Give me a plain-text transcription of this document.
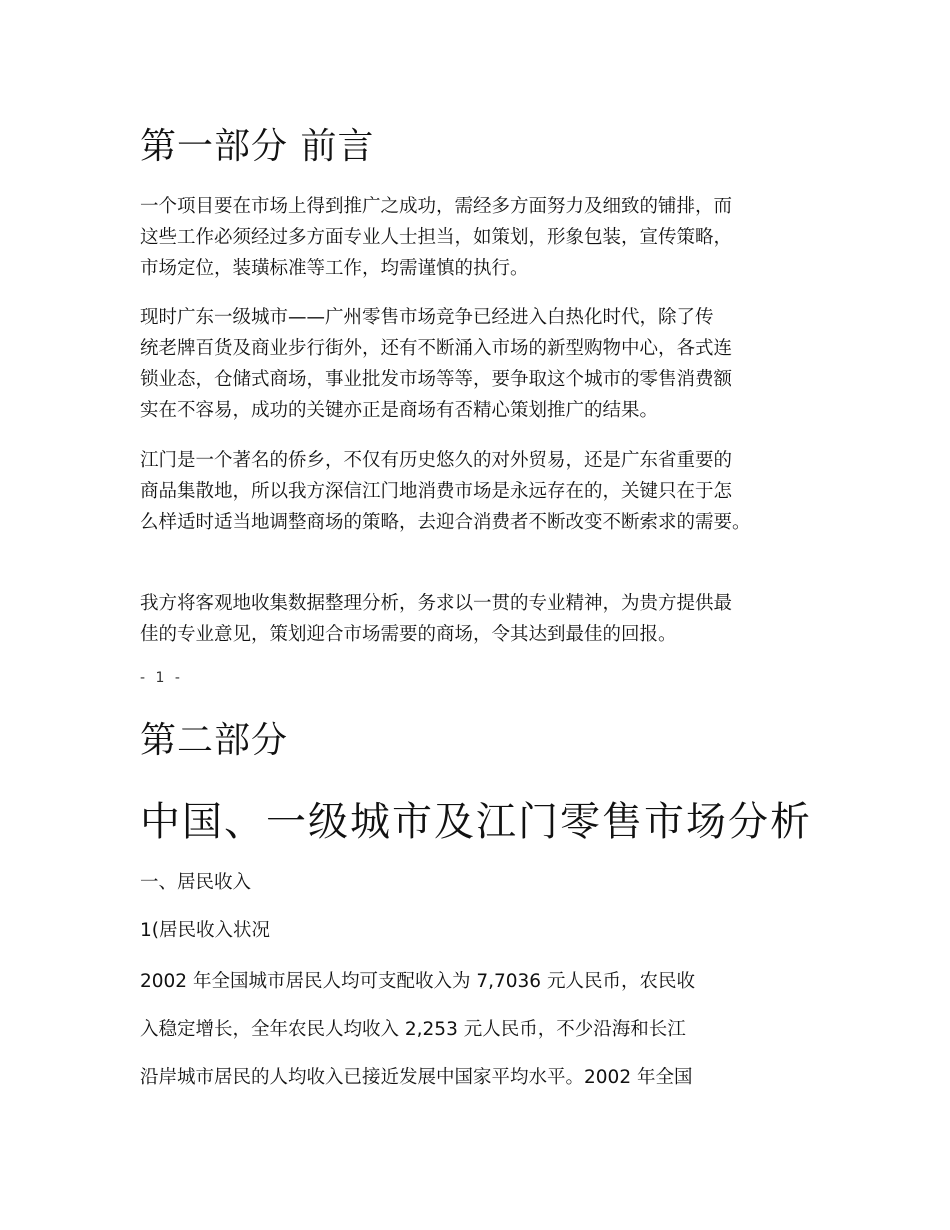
第一部分 前言

一个项目要在市场上得到推广之成功，需经多方面努力及细致的铺排，而
这些工作必须经过多方面专业人士担当，如策划，形象包装，宣传策略，
市场定位，装璜标准等工作，均需谨慎的执行。

现时广东一级城市——广州零售市场竞争已经进入白热化时代，除了传
统老牌百货及商业步行街外，还有不断涌入市场的新型购物中心，各式连
锁业态，仓储式商场，事业批发市场等等，要争取这个城市的零售消费额
实在不容易，成功的关键亦正是商场有否精心策划推广的结果。

江门是一个著名的侨乡，不仅有历史悠久的对外贸易，还是广东省重要的
商品集散地，所以我方深信江门地消费市场是永远存在的，关键只在于怎
么样适时适当地调整商场的策略，去迎合消费者不断改变不断索求的需要。

我方将客观地收集数据整理分析，务求以一贯的专业精神，为贵方提供最
佳的专业意见，策划迎合市场需要的商场，令其达到最佳的回报。

- 1 -
第二部分
中国、一级城市及江门零售市场分析
一、居民收入
1(居民收入状况
2002 年全国城市居民人均可支配收入为 7,7036 元人民币，农民收
入稳定增长，全年农民人均收入 2,253 元人民币，不少沿海和长江
沿岸城市居民的人均收入已接近发展中国家平均水平。2002 年全国
